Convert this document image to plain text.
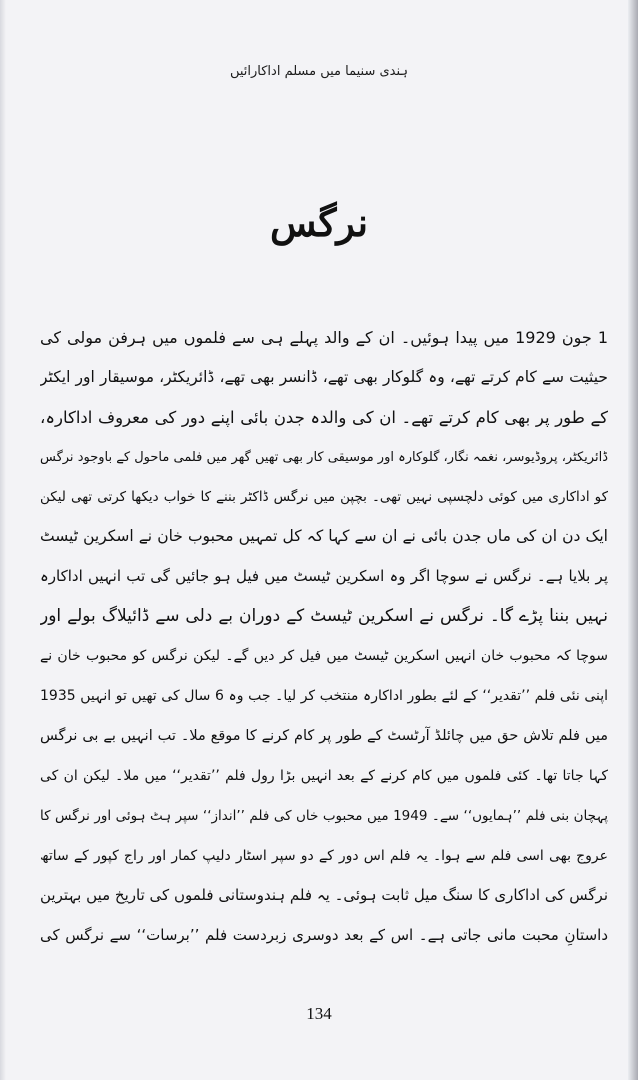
ہندی سنیما میں مسلم اداکارائیں
نرگس
1 جون 1929 میں پیدا ہوئیں۔ ان کے والد پہلے ہی سے فلموں میں ہرفن مولی کی
حیثیت سے کام کرتے تھے، وہ گلوکار بھی تھے، ڈانسر بھی تھے، ڈائریکٹر، موسیقار اور ایکٹر
کے طور پر بھی کام کرتے تھے۔ ان کی والدہ جدن بائی اپنے دور کی معروف اداکارہ،
ڈائریکٹر، پروڈیوسر، نغمہ نگار، گلوکارہ اور موسیقی کار بھی تھیں گھر میں فلمی ماحول کے باوجود نرگس
کو اداکاری میں کوئی دلچسپی نہیں تھی۔ بچپن میں نرگس ڈاکٹر بننے کا خواب دیکھا کرتی تھی لیکن
ایک دن ان کی ماں جدن بائی نے ان سے کہا کہ کل تمہیں محبوب خان نے اسکرین ٹیسٹ
پر بلایا ہے۔ نرگس نے سوچا اگر وہ اسکرین ٹیسٹ میں فیل ہو جائیں گی تب انہیں اداکارہ
نہیں بننا پڑے گا۔ نرگس نے اسکرین ٹیسٹ کے دوران بے دلی سے ڈائیلاگ بولے اور
سوچا کہ محبوب خان انہیں اسکرین ٹیسٹ میں فیل کر دیں گے۔ لیکن نرگس کو محبوب خان نے
اپنی نئی فلم ’’تقدیر‘‘ کے لئے بطور اداکارہ منتخب کر لیا۔ جب وہ 6 سال کی تھیں تو انہیں 1935
میں فلم تلاش حق میں چائلڈ آرٹسٹ کے طور پر کام کرنے کا موقع ملا۔ تب انہیں بے بی نرگس
کہا جاتا تھا۔ کئی فلموں میں کام کرنے کے بعد انہیں بڑا رول فلم ’’تقدیر‘‘ میں ملا۔ لیکن ان کی
پہچان بنی فلم ’’ہمایوں‘‘ سے۔ 1949 میں محبوب خاں کی فلم ’’انداز‘‘ سپر ہٹ ہوئی اور نرگس کا
عروج بھی اسی فلم سے ہوا۔ یہ فلم اس دور کے دو سپر اسٹار دلیپ کمار اور راج کپور کے ساتھ
نرگس کی اداکاری کا سنگ میل ثابت ہوئی۔ یہ فلم ہندوستانی فلموں کی تاریخ میں بہترین
داستانِ محبت مانی جاتی ہے۔ اس کے بعد دوسری زبردست فلم ’’برسات‘‘ سے نرگس کی
134
